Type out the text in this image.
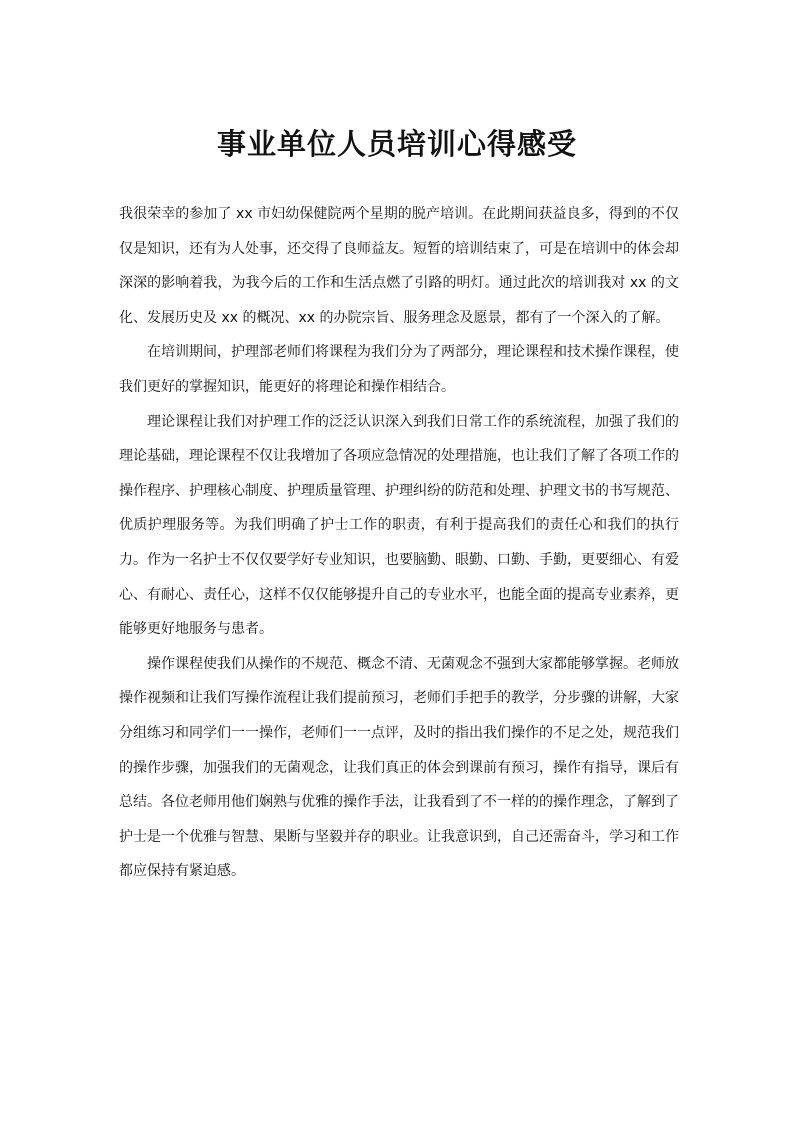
事业单位人员培训心得感受

我很荣幸的参加了 xx 市妇幼保健院两个星期的脱产培训。在此期间获益良多，得到的不仅仅是知识，还有为人处事，还交得了良师益友。短暂的培训结束了，可是在培训中的体会却深深的影响着我，为我今后的工作和生活点燃了引路的明灯。通过此次的培训我对 xx 的文化、发展历史及 xx 的概况、xx 的办院宗旨、服务理念及愿景，都有了一个深入的了解。

在培训期间，护理部老师们将课程为我们分为了两部分，理论课程和技术操作课程，使我们更好的掌握知识，能更好的将理论和操作相结合。

理论课程让我们对护理工作的泛泛认识深入到我们日常工作的系统流程，加强了我们的理论基础，理论课程不仅让我增加了各项应急情况的处理措施，也让我们了解了各项工作的操作程序、护理核心制度、护理质量管理、护理纠纷的防范和处理、护理文书的书写规范、优质护理服务等。为我们明确了护士工作的职责，有利于提高我们的责任心和我们的执行力。作为一名护士不仅仅要学好专业知识，也要脑勤、眼勤、口勤、手勤，更要细心、有爱心、有耐心、责任心，这样不仅仅能够提升自己的专业水平，也能全面的提高专业素养，更能够更好地服务与患者。

操作课程使我们从操作的不规范、概念不清、无菌观念不强到大家都能够掌握。老师放操作视频和让我们写操作流程让我们提前预习，老师们手把手的教学，分步骤的讲解，大家分组练习和同学们一一操作，老师们一一点评，及时的指出我们操作的不足之处，规范我们的操作步骤，加强我们的无菌观念，让我们真正的体会到课前有预习，操作有指导，课后有总结。各位老师用他们娴熟与优雅的操作手法，让我看到了不一样的的操作理念，了解到了护士是一个优雅与智慧、果断与坚毅并存的职业。让我意识到，自己还需奋斗，学习和工作都应保持有紧迫感。
